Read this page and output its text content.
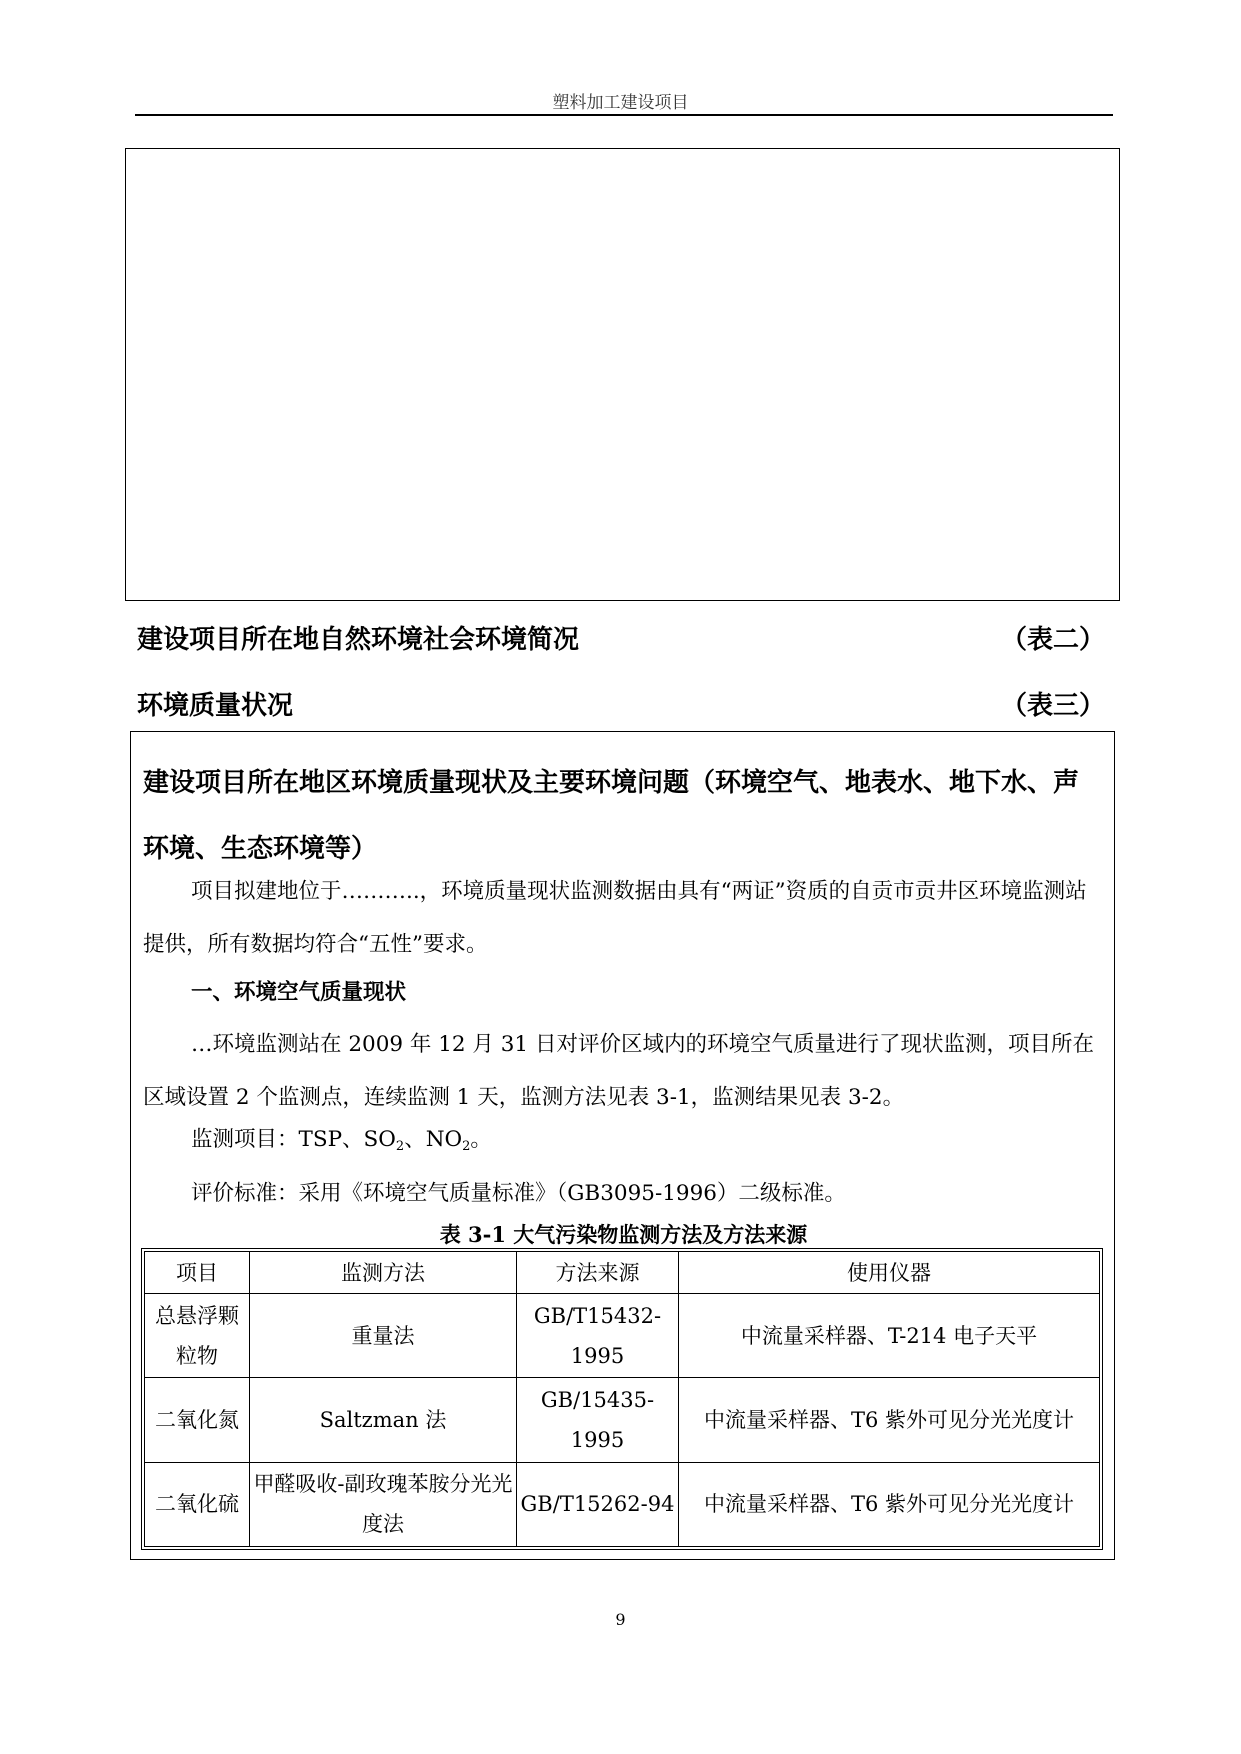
塑料加工建设项目
建设项目所在地自然环境社会环境简况	（表二）
环境质量状况	（表三）
建设项目所在地区环境质量现状及主要环境问题（环境空气、地表水、地下水、声环境、生态环境等）
项目拟建地位于………..，环境质量现状监测数据由具有“两证”资质的自贡市贡井区环境监测站提供，所有数据均符合“五性”要求。
一、环境空气质量现状
…环境监测站在 2009 年 12 月 31 日对评价区域内的环境空气质量进行了现状监测，项目所在区域设置 2 个监测点，连续监测 1 天，监测方法见表 3-1，监测结果见表 3-2。
监测项目：TSP、$SO_2$、$NO_2$。
评价标准：采用《环境空气质量标准》（GB3095-1996）二级标准。
表 3-1 大气污染物监测方法及方法来源
项目	监测方法	方法来源	使用仪器
总悬浮颗粒物	重量法	GB/T15432-1995	中流量采样器、T-214 电子天平
二氧化氮	Saltzman 法	GB/15435-1995	中流量采样器、T6 紫外可见分光光度计
二氧化硫	甲醛吸收-副玫瑰苯胺分光光度法	GB/T15262-94	中流量采样器、T6 紫外可见分光光度计
9
